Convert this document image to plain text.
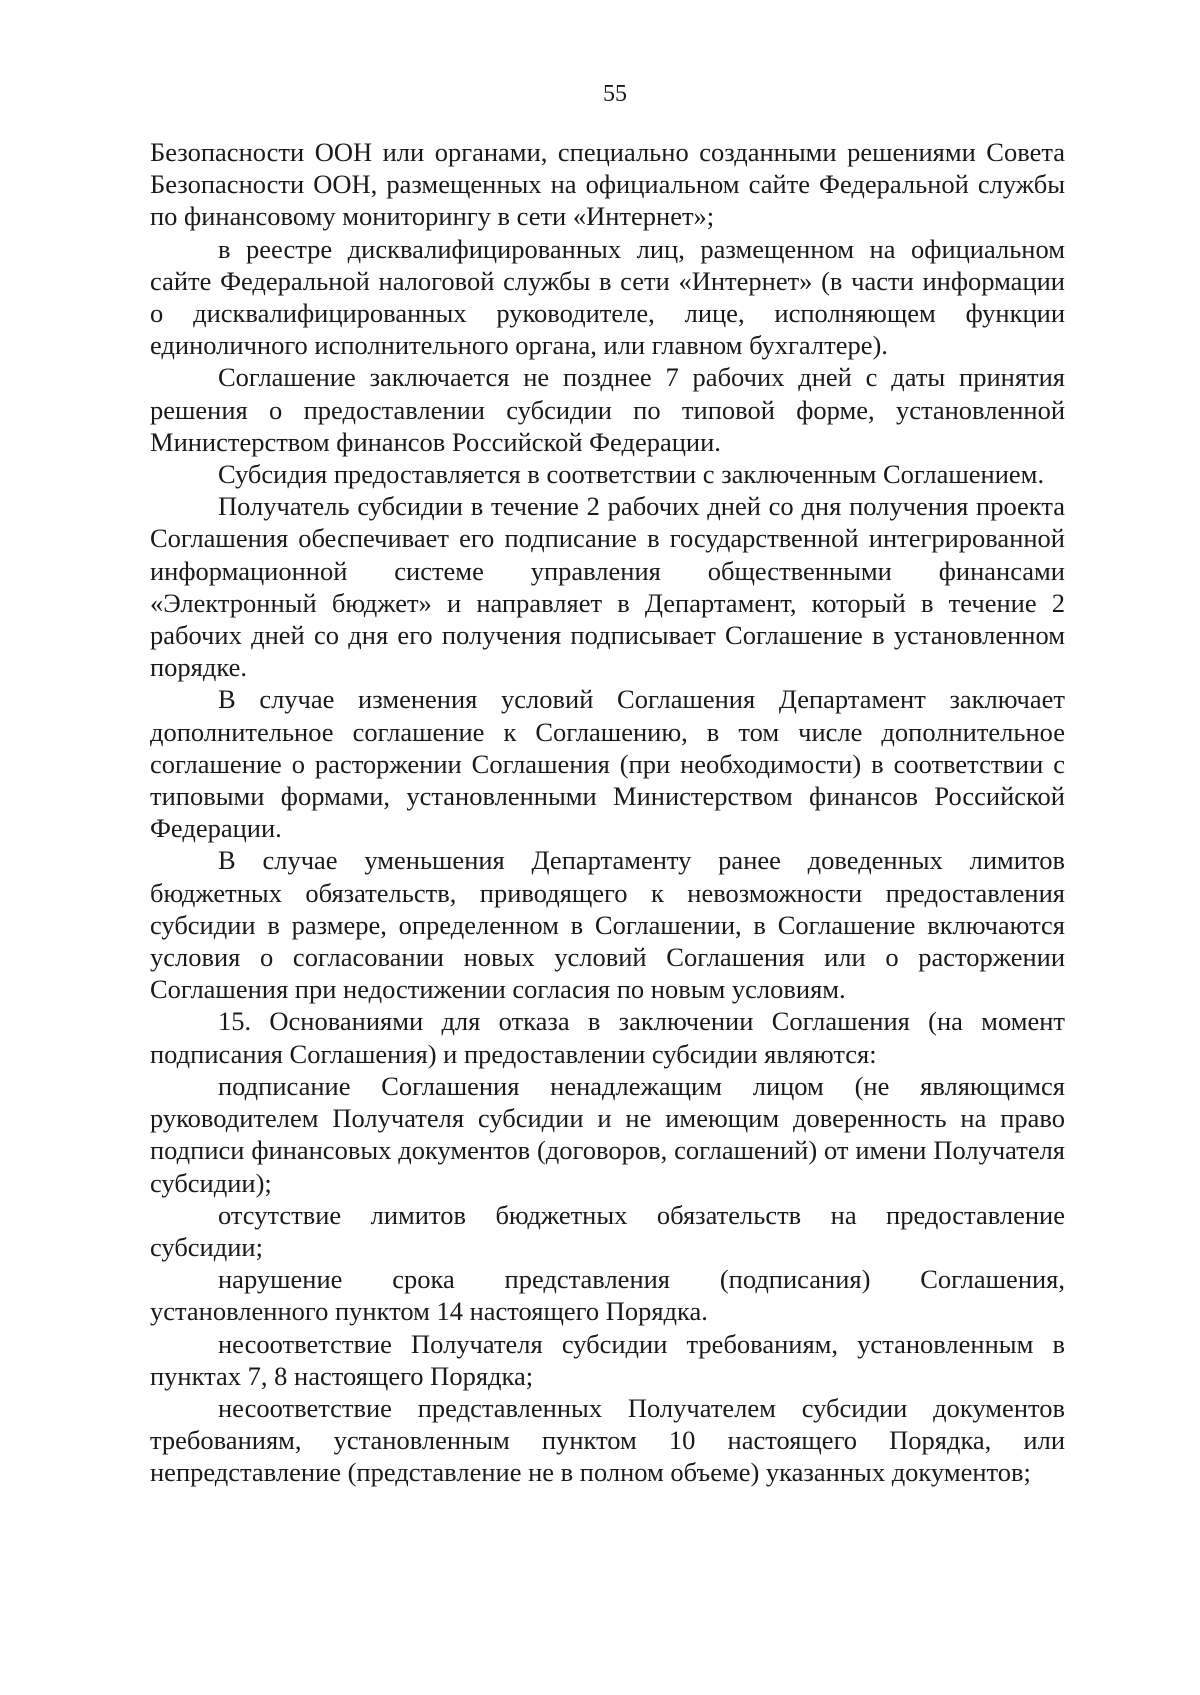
55

Безопасности ООН или органами, специально созданными решениями Совета Безопасности ООН, размещенных на официальном сайте Федеральной службы по финансовому мониторингу в сети «Интернет»;

в реестре дисквалифицированных лиц, размещенном на официальном сайте Федеральной налоговой службы в сети «Интернет» (в части информации о дисквалифицированных руководителе, лице, исполняющем функции единоличного исполнительного органа, или главном бухгалтере).

Соглашение заключается не позднее 7 рабочих дней с даты принятия решения о предоставлении субсидии по типовой форме, установленной Министерством финансов Российской Федерации.

Субсидия предоставляется в соответствии с заключенным Соглашением.

Получатель субсидии в течение 2 рабочих дней со дня получения проекта Соглашения обеспечивает его подписание в государственной интегрированной информационной системе управления общественными финансами «Электронный бюджет» и направляет в Департамент, который в течение 2 рабочих дней со дня его получения подписывает Соглашение в установленном порядке.

В случае изменения условий Соглашения Департамент заключает дополнительное соглашение к Соглашению, в том числе дополнительное соглашение о расторжении Соглашения (при необходимости) в соответствии с типовыми формами, установленными Министерством финансов Российской Федерации.

В случае уменьшения Департаменту ранее доведенных лимитов бюджетных обязательств, приводящего к невозможности предоставления субсидии в размере, определенном в Соглашении, в Соглашение включаются условия о согласовании новых условий Соглашения или о расторжении Соглашения при недостижении согласия по новым условиям.

15. Основаниями для отказа в заключении Соглашения (на момент подписания Соглашения) и предоставлении субсидии являются:

подписание Соглашения ненадлежащим лицом (не являющимся руководителем Получателя субсидии и не имеющим доверенность на право подписи финансовых документов (договоров, соглашений) от имени Получателя субсидии);

отсутствие лимитов бюджетных обязательств на предоставление субсидии;

нарушение срока представления (подписания) Соглашения, установленного пунктом 14 настоящего Порядка.

несоответствие Получателя субсидии требованиям, установленным в пунктах 7, 8 настоящего Порядка;

несоответствие представленных Получателем субсидии документов требованиям, установленным пунктом 10 настоящего Порядка, или непредставление (представление не в полном объеме) указанных документов;
